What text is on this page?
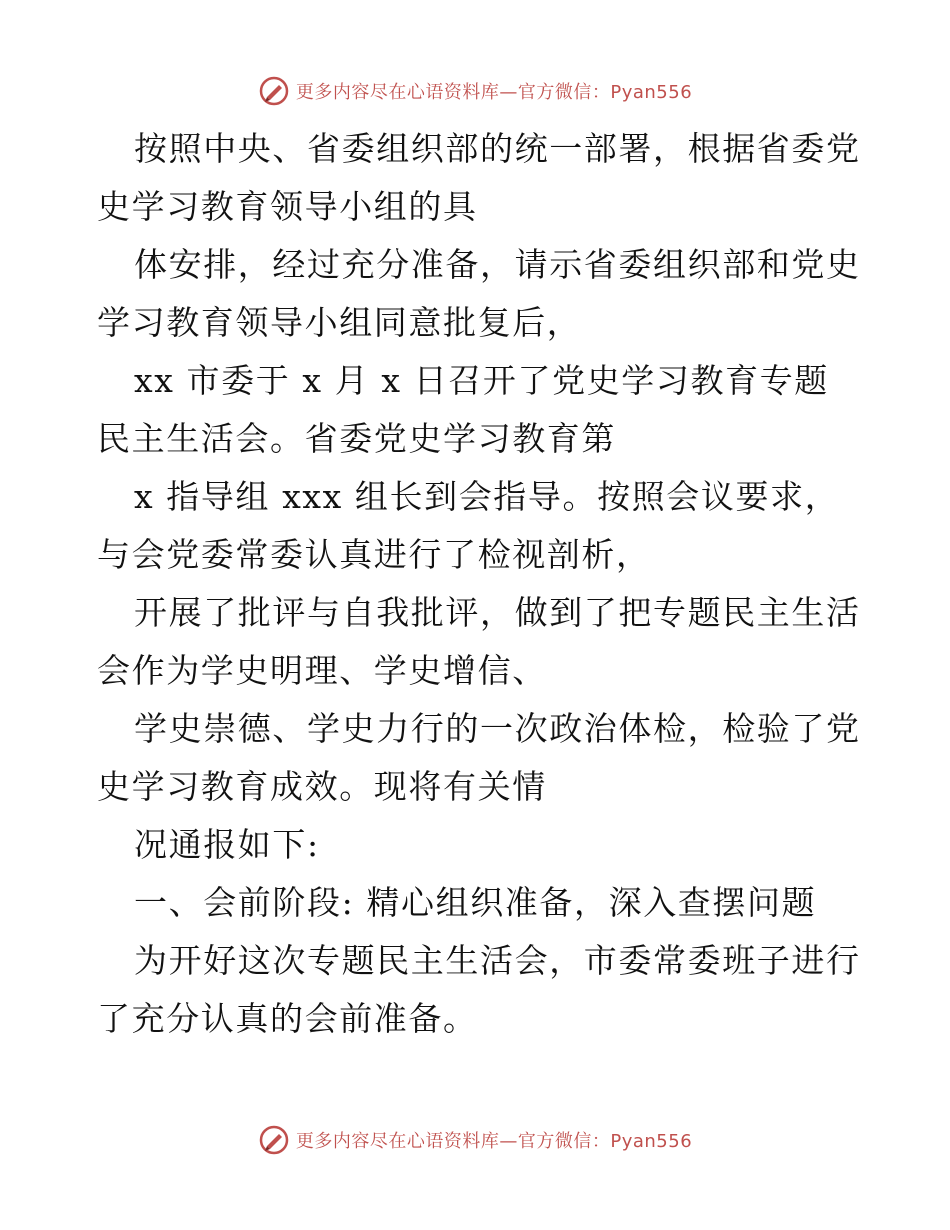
更多内容尽在心语资料库—官方微信：Pyan556
按照中央、省委组织部的统一部署，根据省委党
史学习教育领导小组的具
体安排，经过充分准备，请示省委组织部和党史
学习教育领导小组同意批复后，
xx 市委于 x 月 x 日召开了党史学习教育专题
民主生活会。省委党史学习教育第
x 指导组 xxx 组长到会指导。按照会议要求，
与会党委常委认真进行了检视剖析，
开展了批评与自我批评，做到了把专题民主生活
会作为学史明理、学史增信、
学史崇德、学史力行的一次政治体检，检验了党
史学习教育成效。现将有关情
况通报如下:
一、会前阶段: 精心组织准备，深入查摆问题
为开好这次专题民主生活会，市委常委班子进行
了充分认真的会前准备。
更多内容尽在心语资料库—官方微信：Pyan556
